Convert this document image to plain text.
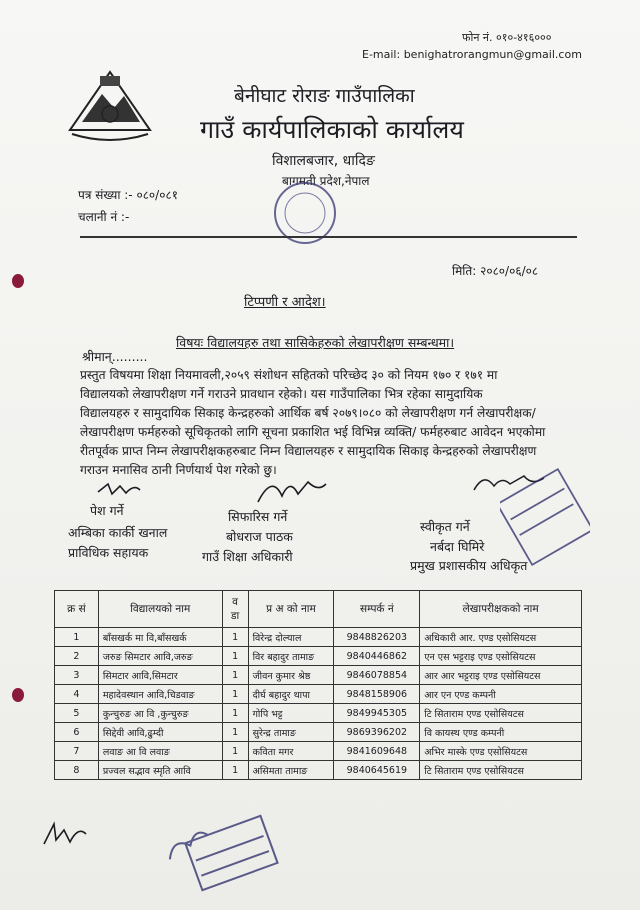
फोन नं. ०१०-४१६०००
E-mail: benighatrorangmun@gmail.com
बेनीघाट रोराङ गाउँपालिका
गाउँ कार्यपालिकाको कार्यालय
विशालबजार, धादिङ
बागमती प्रदेश,नेपाल
पत्र संख्या :- ०८०/०८१
चलानी नं :-
मिति: २०८०/०६/०८
टिप्पणी र आदेश।
विषयः विद्यालयहरु तथा सासिकेहरुको लेखापरीक्षण सम्बन्धमा।
श्रीमान्.........
प्रस्तुत विषयमा शिक्षा नियमावली,२०५९ संशोधन सहितको परिच्छेद ३० को नियम १७० र १७१ मा
विद्यालयको लेखापरीक्षण गर्ने गराउने प्रावधान रहेको। यस गाउँपालिका भित्र रहेका सामुदायिक
विद्यालयहरु र सामुदायिक सिकाइ केन्द्रहरुको आर्थिक बर्ष २०७९।०८० को लेखापरीक्षण गर्न लेखापरीक्षक/
लेखापरीक्षण फर्महरुको सूचिकृतको लागि सूचना प्रकाशित भई विभिन्न व्यक्ति/ फर्महरुबाट आवेदन भएकोमा
रीतपूर्वक प्राप्त निम्न लेखापरीक्षकहरुबाट निम्न विद्यालयहरु र सामुदायिक सिकाइ केन्द्रहरुको लेखापरीक्षण
गराउन मनासिव ठानी निर्णयार्थ पेश गरेको छु।
पेश गर्ने
अम्बिका कार्की खनाल
प्राविधिक सहायक
सिफारिस गर्ने
बोधराज पाठक
गाउँ शिक्षा अधिकारी
स्वीकृत गर्ने
नर्बदा घिमिरे
प्रमुख प्रशासकीय अधिकृत
क्र सं	विद्यालयको नाम	व डा	प्र अ को नाम	सम्पर्क नं	लेखापरीक्षकको नाम
1	बाँसखर्क मा वि,बाँसखर्क	1	विरेन्द्र दोल्याल	9848826203	अधिकारी आर. एण्ड एसोसियटस
2	जरुङ सिमटार आवि,जरुङ	1	विर बहादुर तामाङ	9840446862	एन एस भट्टराइ एण्ड एसोसियटस
3	सिमटार आवि,सिमटार	1	जीवन कुमार श्रेष्ठ	9846078854	आर आर भट्टराइ एण्ड एसोसियटस
4	महादेवस्थान आवि,चिडवाङ	1	दीर्घ बहादुर थापा	9848158906	आर एन एण्ड कम्पनी
5	कुन्चुरुङ आ वि ,कुन्चुरुङ	1	गोपि भट्ट	9849945305	टि सिताराम एण्ड एसोसियटस
6	सिद्देवी आवि,ढुम्दी	1	सुरेन्द्र तामाङ	9869396202	वि कायस्थ एण्ड कम्पनी
7	लवाङ आ वि लवाङ	1	कविता मगर	9841609648	अभिर मास्के एण्ड एसोसियटस
8	प्रज्वल सद्भाव स्मृति आवि	1	असिमता तामाङ	9840645619	टि सिताराम एण्ड एसोसियटस
